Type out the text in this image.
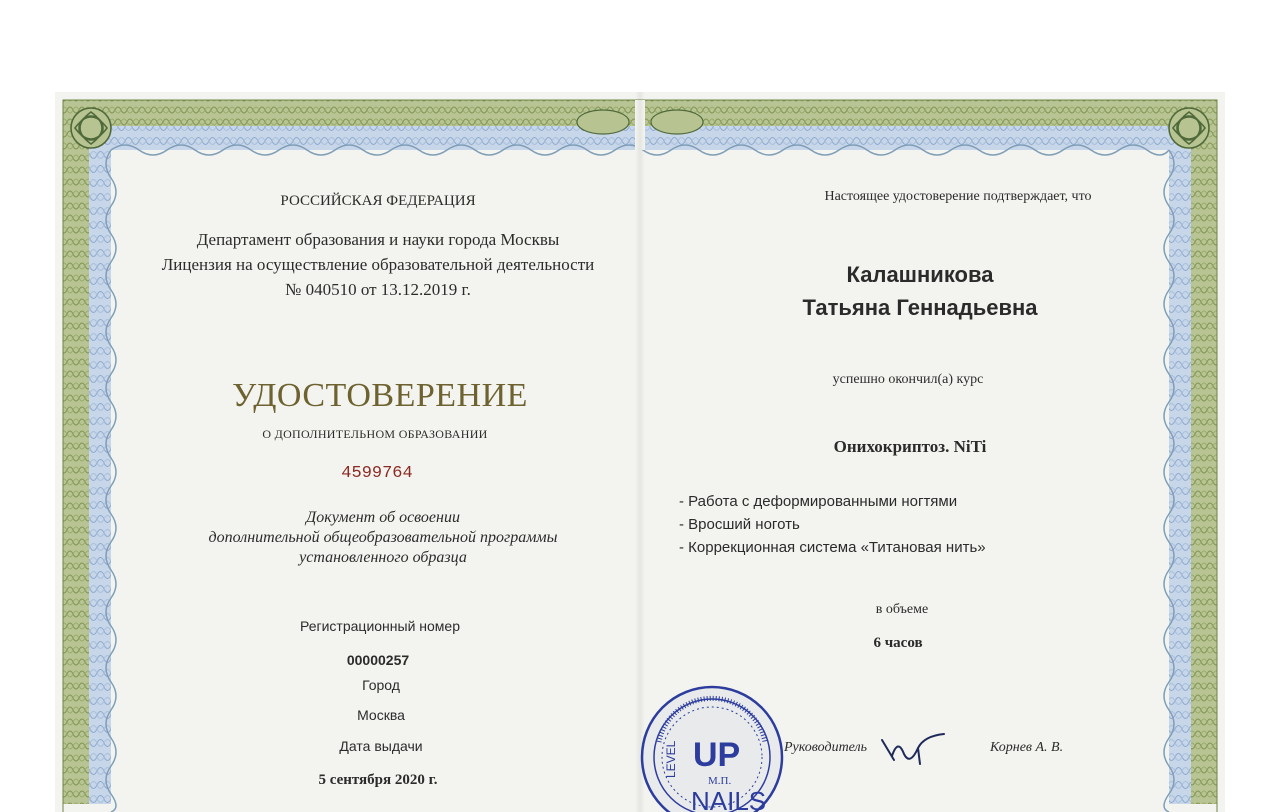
РОССИЙСКАЯ ФЕДЕРАЦИЯ

Департамент образования и науки города Москвы

Лицензия на осуществление образовательной деятельности

№ 040510 от 13.12.2019 г.

УДОСТОВЕРЕНИЕ

О ДОПОЛНИТЕЛЬНОМ ОБРАЗОВАНИИ

4599764

Документ об освоении

дополнительной общеобразовательной программы

установленного образца

Регистрационный номер

00000257

Город

Москва

Дата выдачи

5 сентября 2020 г.

Настоящее удостоверение подтверждает, что

Калашникова

Татьяна Геннадьевна

успешно окончил(а) курс

Онихокриптоз. NiTi

- Работа с деформированными ногтями

- Вросший ноготь

- Коррекционная система «Титановая нить»

в объеме

6 часов

Руководитель	Корнев А. В.

LEVEL UP
NAILS
М.П.
